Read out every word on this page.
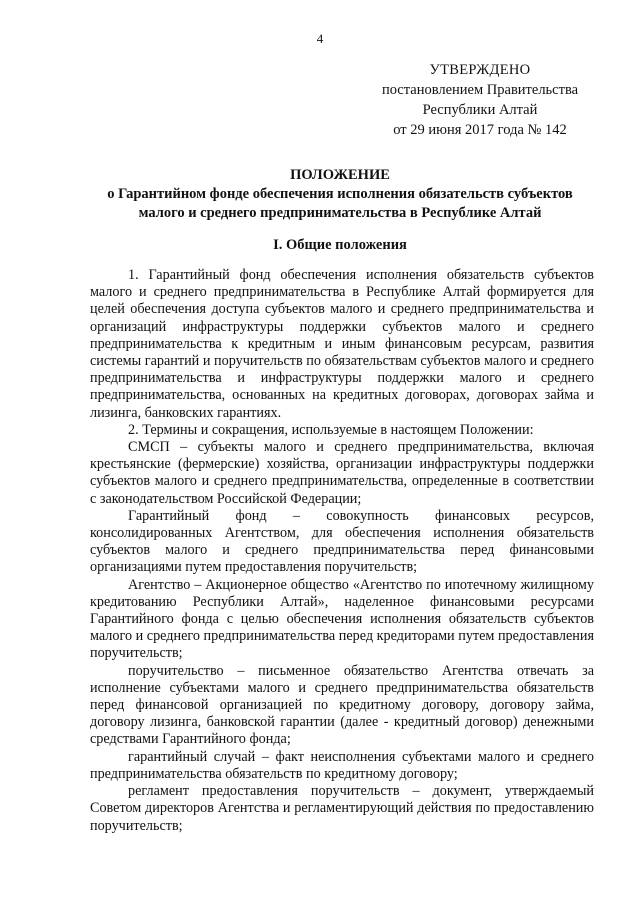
4
УТВЕРЖДЕНО
постановлением Правительства
Республики Алтай
от 29 июня 2017 года № 142
ПОЛОЖЕНИЕ
о Гарантийном фонде обеспечения исполнения обязательств субъектов
малого и среднего предпринимательства в Республике Алтай
I. Общие положения

1. Гарантийный фонд обеспечения исполнения обязательств субъектов малого и среднего предпринимательства в Республике Алтай формируется для целей обеспечения доступа субъектов малого и среднего предпринимательства и организаций инфраструктуры поддержки субъектов малого и среднего предпринимательства к кредитным и иным финансовым ресурсам, развития системы гарантий и поручительств по обязательствам субъектов малого и среднего предпринимательства и инфраструктуры поддержки малого и среднего предпринимательства, основанных на кредитных договорах, договорах займа и лизинга, банковских гарантиях.

2. Термины и сокращения, используемые в настоящем Положении:

СМСП – субъекты малого и среднего предпринимательства, включая крестьянские (фермерские) хозяйства, организации инфраструктуры поддержки субъектов малого и среднего предпринимательства, определенные в соответствии с законодательством Российской Федерации;

Гарантийный фонд – совокупность финансовых ресурсов, консолидированных Агентством, для обеспечения исполнения обязательств субъектов малого и среднего предпринимательства перед финансовыми организациями путем предоставления поручительств;

Агентство – Акционерное общество «Агентство по ипотечному жилищному кредитованию Республики Алтай», наделенное финансовыми ресурсами Гарантийного фонда с целью обеспечения исполнения обязательств субъектов малого и среднего предпринимательства перед кредиторами путем предоставления поручительств;

поручительство – письменное обязательство Агентства отвечать за исполнение субъектами малого и среднего предпринимательства обязательств перед финансовой организацией по кредитному договору, договору займа, договору лизинга, банковской гарантии (далее - кредитный договор) денежными средствами Гарантийного фонда;

гарантийный случай – факт неисполнения субъектами малого и среднего предпринимательства обязательств по кредитному договору;

регламент предоставления поручительств – документ, утверждаемый Советом директоров Агентства и регламентирующий действия по предоставлению поручительств;
